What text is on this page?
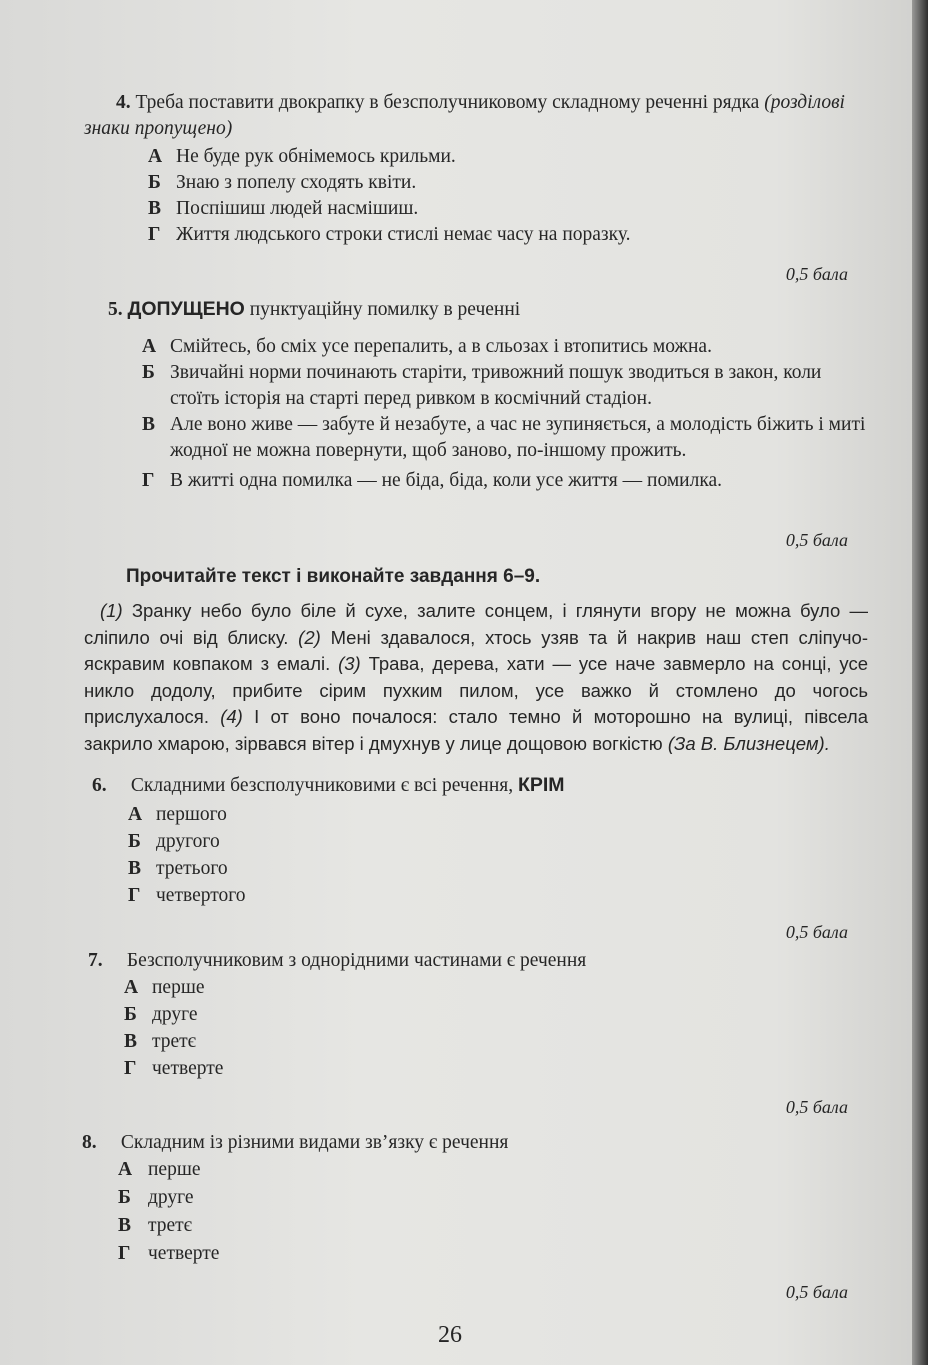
4. Треба поставити двокрапку в безсполучниковому складному реченні рядка (розділові знаки пропущено)
А Не буде рук обнімемось крильми.
Б Знаю з попелу сходять квіти.
В Поспішиш людей насмішиш.
Г Життя людського строки стислі немає часу на поразку.
0,5 бала
5. ДОПУЩЕНО пунктуаційну помилку в реченні
А Смійтесь, бо сміх усе перепалить, а в сльозах і втопитись можна.
Б Звичайні норми починають старіти, тривожний пошук зводиться в закон, коли стоїть історія на старті перед ривком в космічний стадіон.
В Але воно живе — забуте й незабуте, а час не зупиняється, а молодість біжить і миті жодної не можна повернути, щоб заново, по-іншому прожить.
Г В житті одна помилка — не біда, біда, коли усе життя — помилка.
0,5 бала
Прочитайте текст і виконайте завдання 6–9.
(1) Зранку небо було біле й сухе, залите сонцем, і глянути вгору не можна було — сліпило очі від блиску. (2) Мені здавалося, хтось узяв та й накрив наш степ сліпучо-яскравим ковпаком з емалі. (3) Трава, дерева, хати — усе наче завмерло на сонці, усе никло додолу, прибите сірим пухким пилом, усе важко й стомлено до чогось прислухалося. (4) І от воно почалося: стало темно й моторошно на вулиці, півсела закрило хмарою, зірвався вітер і дмухнув у лице дощовою вогкістю (За В. Близнецем).
6. Складними безсполучниковими є всі речення, КРІМ
А першого
Б другого
В третього
Г четвертого
0,5 бала
7. Безсполучниковим з однорідними частинами є речення
А перше
Б друге
В третє
Г четверте
0,5 бала
8. Складним із різними видами зв’язку є речення
А перше
Б друге
В третє
Г четверте
0,5 бала
26
